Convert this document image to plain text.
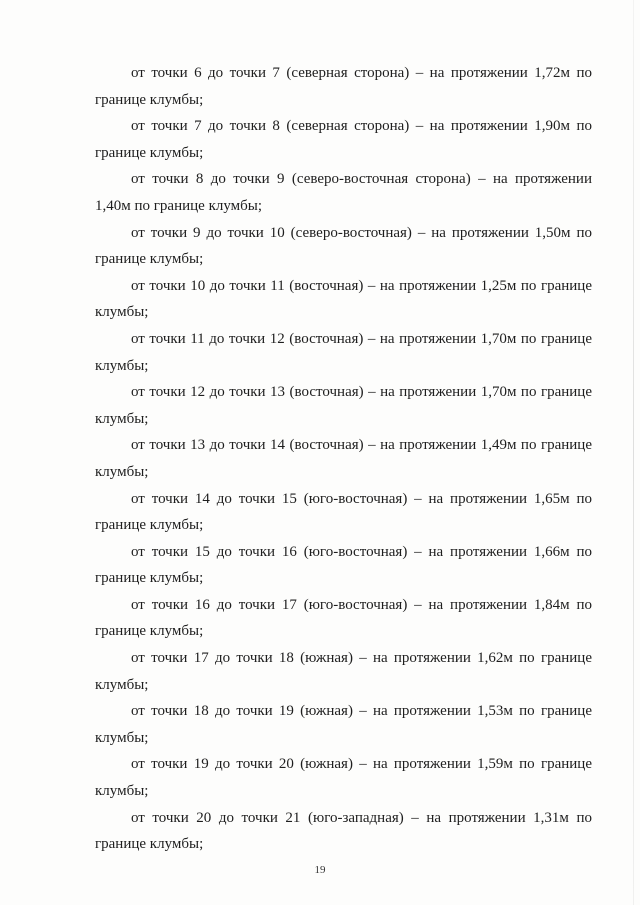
от точки 6 до точки 7 (северная сторона) – на протяжении 1,72м по
границе клумбы;

от точки 7 до точки 8 (северная сторона) – на протяжении 1,90м по
границе клумбы;

от точки 8 до точки 9 (северо-восточная сторона) – на протяжении
1,40м по границе клумбы;

от точки 9 до точки 10 (северо-восточная) – на протяжении 1,50м по
границе клумбы;

от точки 10 до точки 11 (восточная) – на протяжении 1,25м по границе
клумбы;

от точки 11 до точки 12 (восточная) – на протяжении 1,70м по границе
клумбы;

от точки 12 до точки 13 (восточная) – на протяжении 1,70м по границе
клумбы;

от точки 13 до точки 14 (восточная) – на протяжении 1,49м по границе
клумбы;

от точки 14 до точки 15 (юго-восточная) – на протяжении 1,65м по
границе клумбы;

от точки 15 до точки 16 (юго-восточная) – на протяжении 1,66м по
границе клумбы;

от точки 16 до точки 17 (юго-восточная) – на протяжении 1,84м по
границе клумбы;

от точки 17 до точки 18 (южная) – на протяжении 1,62м по границе
клумбы;

от точки 18 до точки 19 (южная) – на протяжении 1,53м по границе
клумбы;

от точки 19 до точки 20 (южная) – на протяжении 1,59м по границе
клумбы;

от точки 20 до точки 21 (юго-западная) – на протяжении 1,31м по
границе клумбы;

19
